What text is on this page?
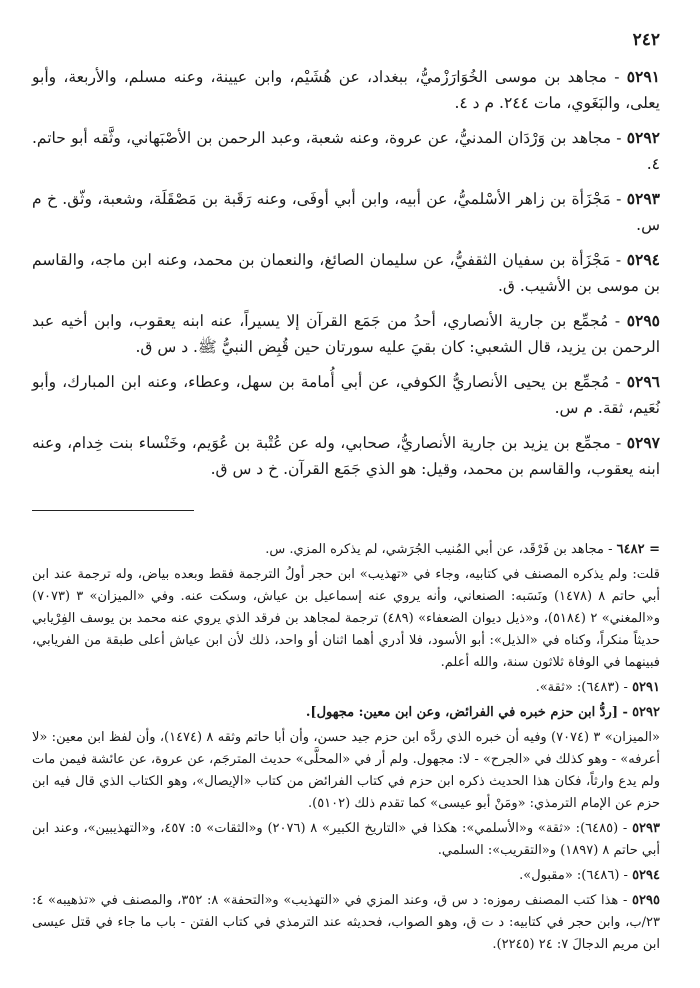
٢٤٢

٥٢٩١ - مجاهد بن موسى الخُوَارَزْميُّ، ببغداد، عن هُشَيْم، وابن عيينة، وعنه مسلم، والأربعة، وأبو يعلى، والبَغَوي، مات ٢٤٤. م د ٤.

٥٢٩٢ - مجاهد بن وَرْدَان المدنيُّ، عن عروة، وعنه شعبة، وعبد الرحمن بن الأصْبَهاني، وثَّقه أبو حاتم. ٤.

٥٢٩٣ - مَجْزَأة بن زاهر الأسْلميُّ، عن أبيه، وابن أبي أوفَى، وعنه رَقَبة بن مَصْقَلَة، وشعبة، وثّق. خ م س.

٥٢٩٤ - مَجْزَأة بن سفيان الثقفيُّ، عن سليمان الصائغ، والنعمان بن محمد، وعنه ابن ماجه، والقاسم بن موسى بن الأشيب. ق.

٥٢٩٥ - مُجمِّع بن جارية الأنصاري، أحدُ من جَمَع القرآن إلا يسيراً، عنه ابنه يعقوب، وابن أخيه عبد الرحمن بن يزيد، قال الشعبي: كان بقيَ عليه سورتان حين قُبِض النبيُّ ﷺ. د س ق.

٥٢٩٦ - مُجمِّع بن يحيى الأنصاريُّ الكوفي، عن أبي أُمامة بن سهل، وعطاء، وعنه ابن المبارك، وأبو نُعَيم، ثقة. م س.

٥٢٩٧ - مجمِّع بن يزيد بن جارية الأنصاريُّ، صحابي، وله عن عُتْبة بن عُوَيم، وخَنْساء بنت خِدام، وعنه ابنه يعقوب، والقاسم بن محمد، وقيل: هو الذي جَمَع القرآن. خ د س ق.

= ٦٤٨٢ - مجاهد بن فَرْقَد، عن أبي المُنيب الجُرَشي، لم يذكره المزي. س.

قلت: ولم يذكره المصنف في كتابيه، وجاء في «تهذيب» ابن حجر أولُ الترجمة فقط وبعده بياض، وله ترجمة عند ابن أبي حاتم ٨ (١٤٧٨) ونَسَبه: الصنعاني، وأنه يروي عنه إسماعيل بن عياش، وسكت عنه. وفي «الميزان» ٣ (٧٠٧٣) و«المغني» ٢ (٥١٨٤)، و«ذيل ديوان الضعفاء» (٤٨٩) ترجمة لمجاهد بن فرقد الذي يروي عنه محمد بن يوسف الفِرْيابي حديثاً منكراً، وكناه في «الذيل»: أبو الأسود، فلا أدري أهما اثنان أو واحد، ذلك لأن ابن عياش أعلى طبقة من الفريابي، فبينهما في الوفاة ثلاثون سنة، والله أعلم.

٥٢٩١ - (٦٤٨٣): «ثقة».

٥٢٩٢ - [ردُّ ابن حزم خبره في الفرائض، وعن ابن معين: مجهول].

«الميزان» ٣ (٧٠٧٤) وفيه أن خبره الذي ردَّه ابن حزم جيد حسن، وأن أبا حاتم وثقه ٨ (١٤٧٤)، وأن لفظ ابن معين: «لا أعرفه» - وهو كذلك في «الجرح» - لا: مجهول. ولم أر في «المحلَّى» حديث المترجَم، عن عروة، عن عائشة فيمن مات ولم يدع وارثاً، فكان هذا الحديث ذكره ابن حزم في كتاب الفرائض من كتاب «الإيصال»، وهو الكتاب الذي قال فيه ابن حزم عن الإمام الترمذي: «ومَنْ أبو عيسى» كما تقدم ذلك (٥١٠٢).

٥٢٩٣ - (٦٤٨٥): «ثقة» و«الأسلمي»: هكذا في «التاريخ الكبير» ٨ (٢٠٧٦) و«الثقات» ٥: ٤٥٧، و«التهذيبين»، وعند ابن أبي حاتم ٨ (١٨٩٧) و«التقريب»: السلمي.

٥٢٩٤ - (٦٤٨٦): «مقبول».

٥٢٩٥ - هذا كتب المصنف رموزه: د س ق، وعند المزي في «التهذيب» و«التحفة» ٨: ٣٥٢، والمصنف في «تذهيبه» ٤: ٢٣/ب، وابن حجر في كتابيه: د ت ق، وهو الصواب، فحديثه عند الترمذي في كتاب الفتن - باب ما جاء في قتل عيسى ابن مريم الدجالَ ٧: ٢٤ (٢٢٤٥).
